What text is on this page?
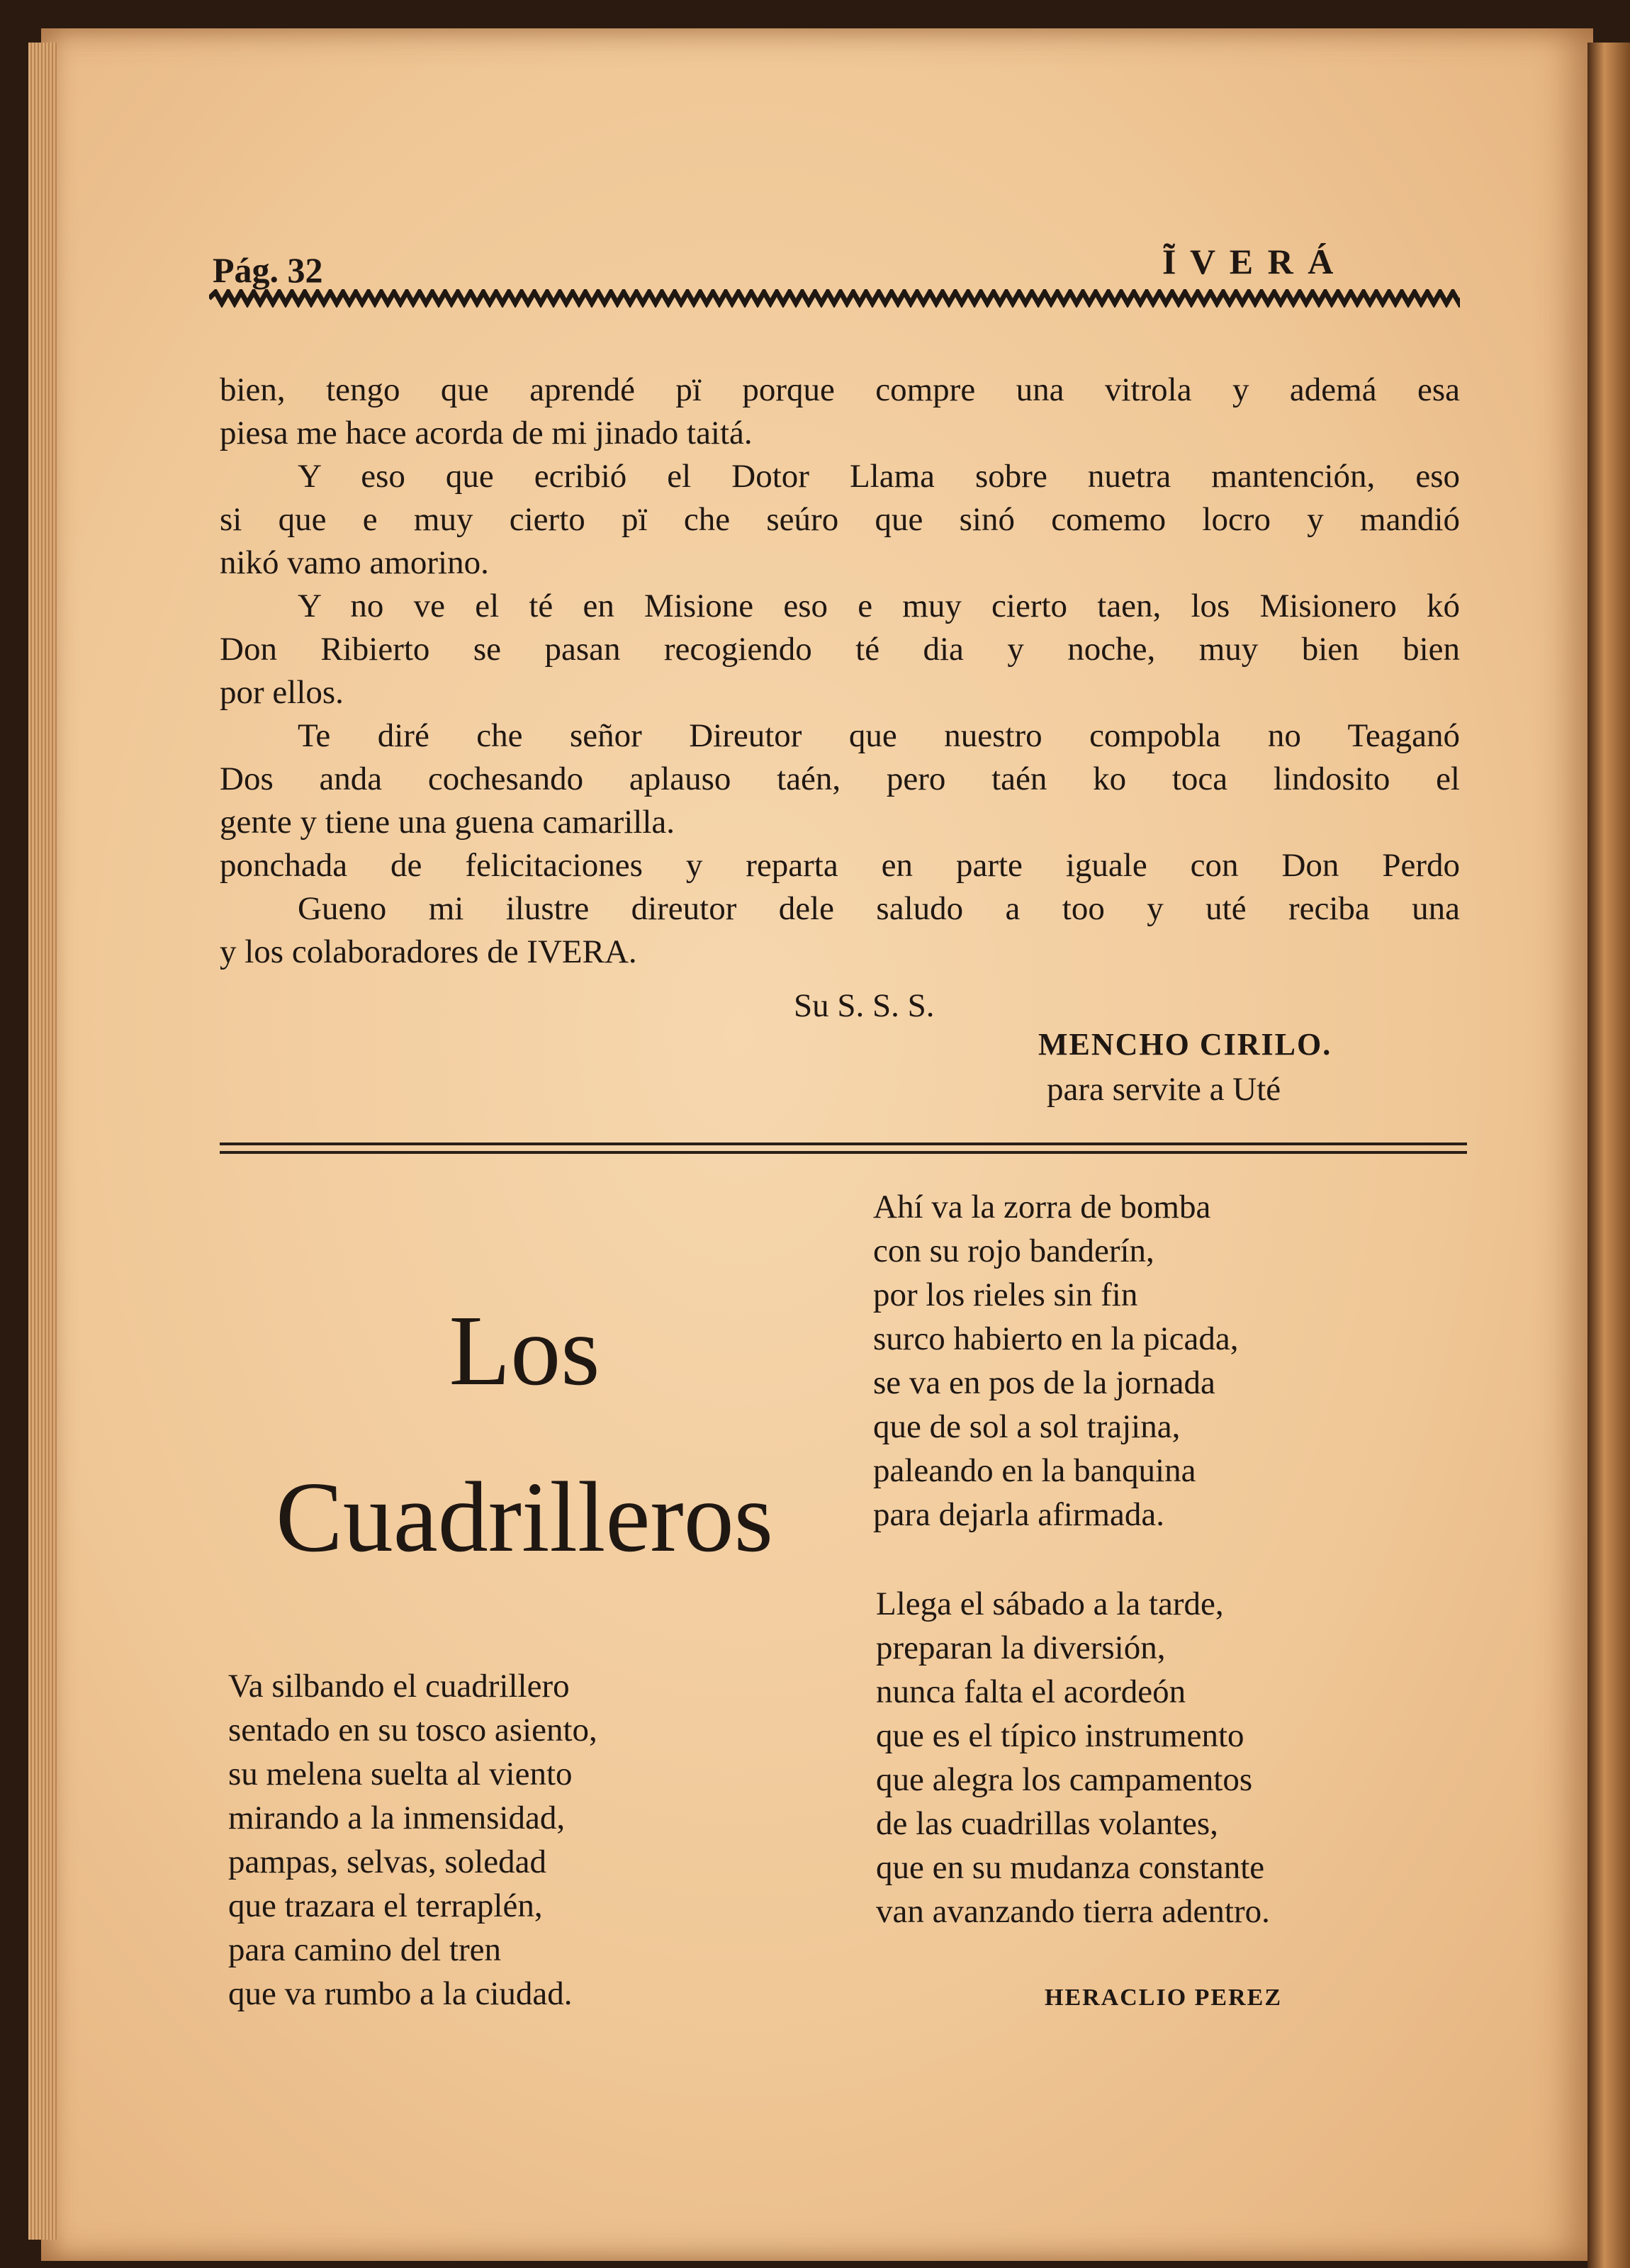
Pág. 32	Ĩ V E R Á
bien, tengo que aprendé pï porque compre una vitrola y ademá esa
piesa me hace acorda de mi jinado taitá.
Y eso que ecribió el Dotor Llama sobre nuetra mantención, eso
si que e muy cierto pï che seúro que sinó comemo locro y mandió
nikó vamo amorino.
Y no ve el té en Misione eso e muy cierto taen, los Misionero kó
Don Ribierto se pasan recogiendo té dia y noche, muy bien bien
por ellos.
Te diré che señor Direutor que nuestro compobla no Teaganó
Dos anda cochesando aplauso taén, pero taén ko toca lindosito el
gente y tiene una guena camarilla.
ponchada de felicitaciones y reparta en parte iguale con Don Perdo
Gueno mi ilustre direutor dele saludo a too y uté reciba una
y los colaboradores de IVERA.
Su S. S. S.
MENCHO CIRILO.
para servite a Uté
Los
Cuadrilleros
Va silbando el cuadrillero
sentado en su tosco asiento,
su melena suelta al viento
mirando a la inmensidad,
pampas, selvas, soledad
que trazara el terraplén,
para camino del tren
que va rumbo a la ciudad.
Ahí va la zorra de bomba
con su rojo banderín,
por los rieles sin fin
surco habierto en la picada,
se va en pos de la jornada
que de sol a sol trajina,
paleando en la banquina
para dejarla afirmada.
Llega el sábado a la tarde,
preparan la diversión,
nunca falta el acordeón
que es el típico instrumento
que alegra los campamentos
de las cuadrillas volantes,
que en su mudanza constante
van avanzando tierra adentro.
HERACLIO PEREZ
